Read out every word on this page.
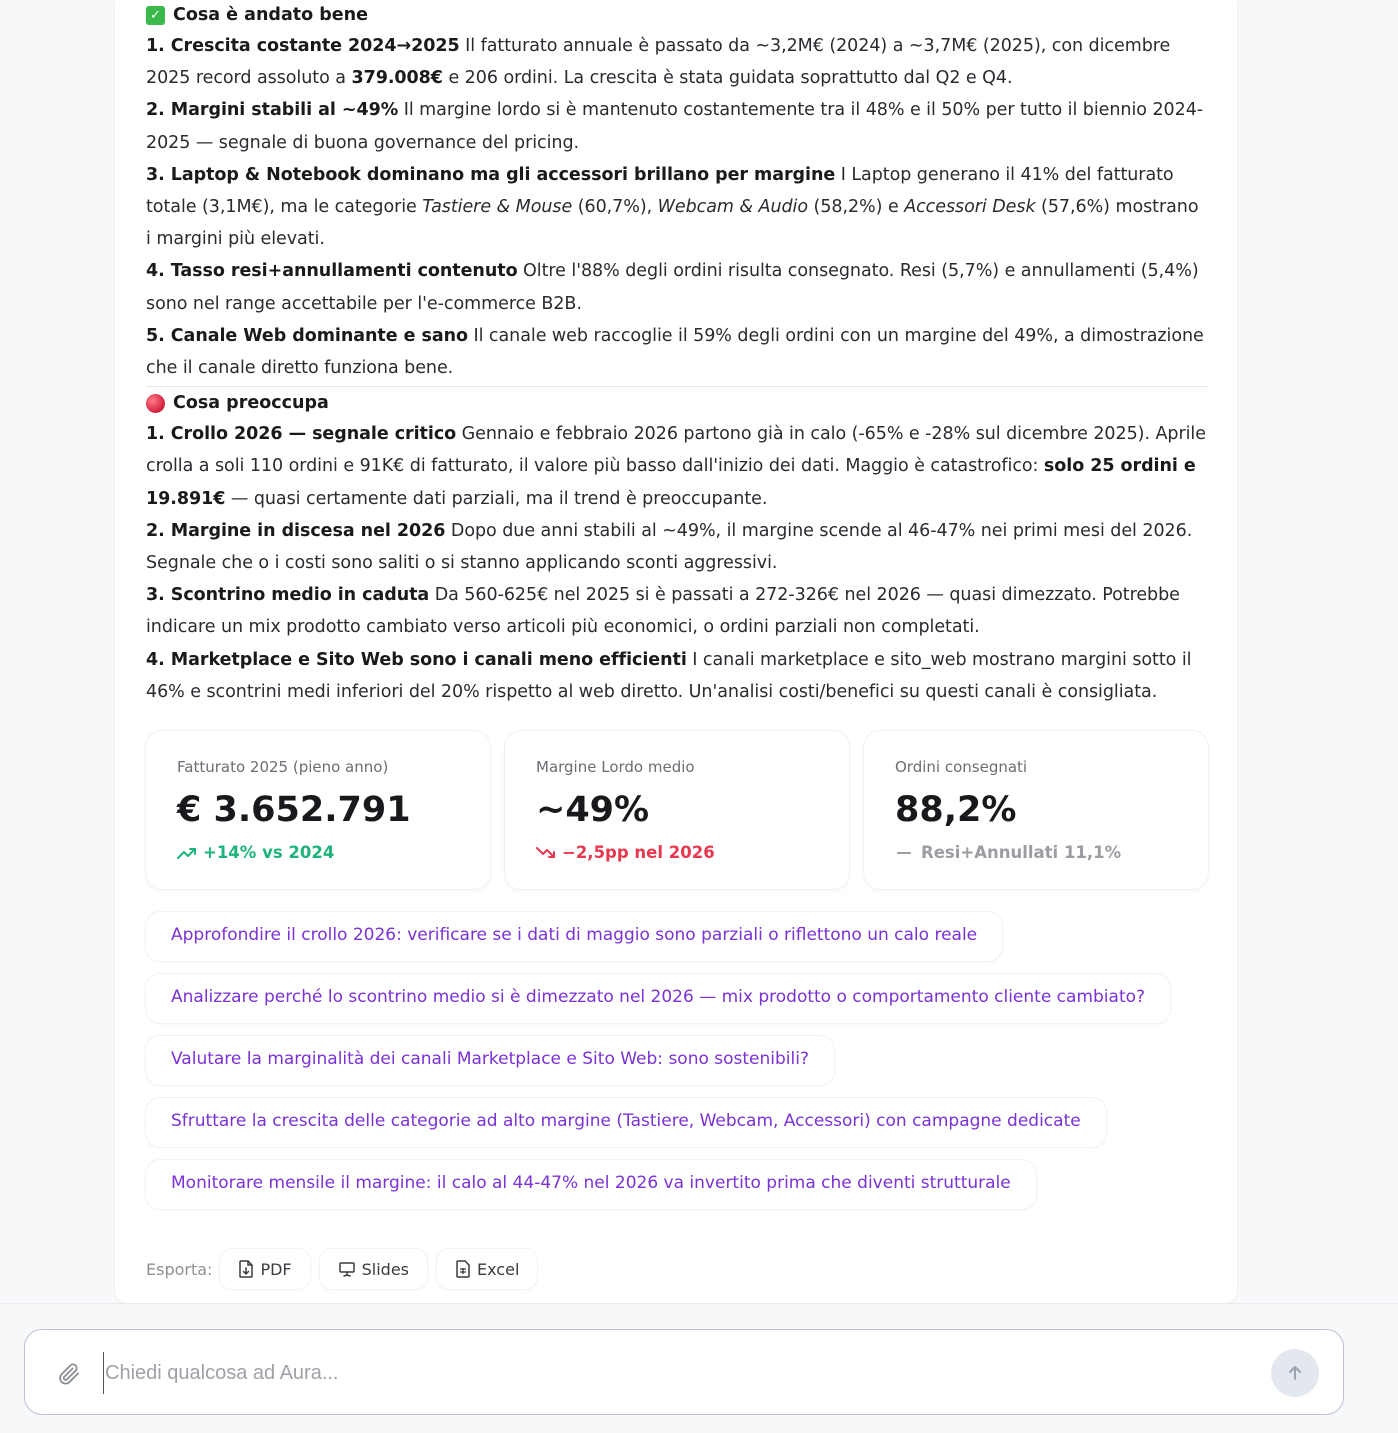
✓ Cosa è andato bene

1. Crescita costante 2024→2025 Il fatturato annuale è passato da ~3,2M€ (2024) a ~3,7M€ (2025), con dicembre 2025 record assoluto a 379.008€ e 206 ordini. La crescita è stata guidata soprattutto dal Q2 e Q4.

2. Margini stabili al ~49% Il margine lordo si è mantenuto costantemente tra il 48% e il 50% per tutto il biennio 2024-2025 — segnale di buona governance del pricing.

3. Laptop & Notebook dominano ma gli accessori brillano per margine I Laptop generano il 41% del fatturato totale (3,1M€), ma le categorie Tastiere & Mouse (60,7%), Webcam & Audio (58,2%) e Accessori Desk (57,6%) mostrano i margini più elevati.

4. Tasso resi+annullamenti contenuto Oltre l'88% degli ordini risulta consegnato. Resi (5,7%) e annullamenti (5,4%) sono nel range accettabile per l'e-commerce B2B.

5. Canale Web dominante e sano Il canale web raccoglie il 59% degli ordini con un margine del 49%, a dimostrazione che il canale diretto funziona bene.

Cosa preoccupa

1. Crollo 2026 — segnale critico Gennaio e febbraio 2026 partono già in calo (-65% e -28% sul dicembre 2025). Aprile crolla a soli 110 ordini e 91K€ di fatturato, il valore più basso dall'inizio dei dati. Maggio è catastrofico: solo 25 ordini e 19.891€ — quasi certamente dati parziali, ma il trend è preoccupante.

2. Margine in discesa nel 2026 Dopo due anni stabili al ~49%, il margine scende al 46-47% nei primi mesi del 2026. Segnale che o i costi sono saliti o si stanno applicando sconti aggressivi.

3. Scontrino medio in caduta Da 560-625€ nel 2025 si è passati a 272-326€ nel 2026 — quasi dimezzato. Potrebbe indicare un mix prodotto cambiato verso articoli più economici, o ordini parziali non completati.

4. Marketplace e Sito Web sono i canali meno efficienti I canali marketplace e sito_web mostrano margini sotto il 46% e scontrini medi inferiori del 20% rispetto al web diretto. Un'analisi costi/benefici su questi canali è consigliata.

Fatturato 2025 (pieno anno)
€ 3.652.791
+14% vs 2024
Margine Lordo medio
~49%
−2,5pp nel 2026
Ordini consegnati
88,2%
Resi+Annullati 11,1%
Approfondire il crollo 2026: verificare se i dati di maggio sono parziali o riflettono un calo reale
Analizzare perché lo scontrino medio si è dimezzato nel 2026 — mix prodotto o comportamento cliente cambiato?
Valutare la marginalità dei canali Marketplace e Sito Web: sono sostenibili?
Sfruttare la crescita delle categorie ad alto margine (Tastiere, Webcam, Accessori) con campagne dedicate
Monitorare mensile il margine: il calo al 44-47% nel 2026 va invertito prima che diventi strutturale
Esporta:	PDF	Slides	Excel
Chiedi qualcosa ad Aura...
